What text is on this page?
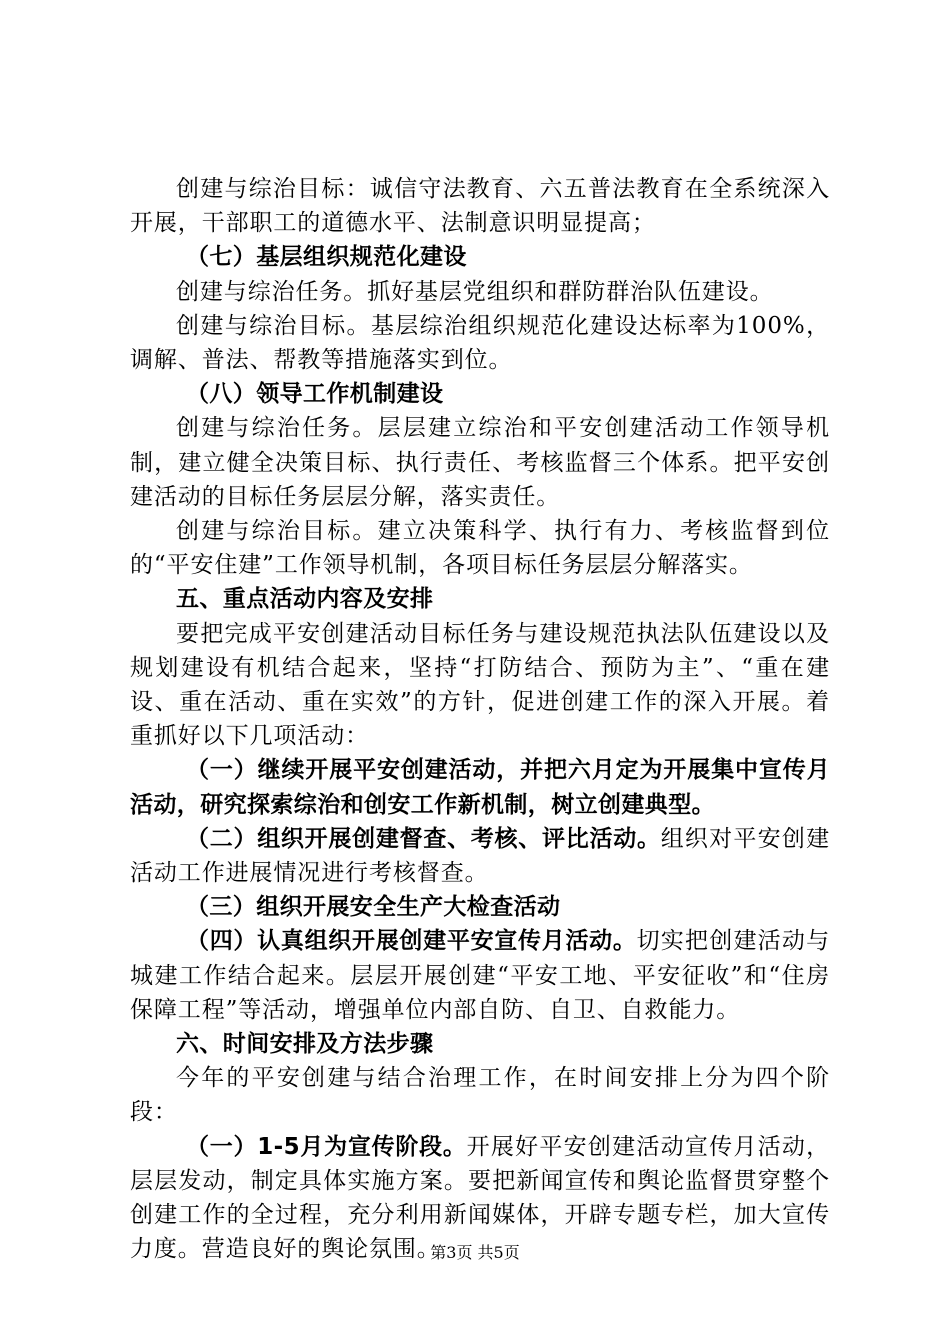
创建与综治目标：诚信守法教育、六五普法教育在全系统深入开展，干部职工的道德水平、法制意识明显提高；

（七）基层组织规范化建设

创建与综治任务。抓好基层党组织和群防群治队伍建设。

创建与综治目标。基层综治组织规范化建设达标率为100%，调解、普法、帮教等措施落实到位。

（八）领导工作机制建设

创建与综治任务。层层建立综治和平安创建活动工作领导机制，建立健全决策目标、执行责任、考核监督三个体系。把平安创建活动的目标任务层层分解，落实责任。

创建与综治目标。建立决策科学、执行有力、考核监督到位的“平安住建”工作领导机制，各项目标任务层层分解落实。

五、重点活动内容及安排

要把完成平安创建活动目标任务与建设规范执法队伍建设以及规划建设有机结合起来，坚持“打防结合、预防为主”、“重在建设、重在活动、重在实效”的方针，促进创建工作的深入开展。着重抓好以下几项活动：

（一）继续开展平安创建活动，并把六月定为开展集中宣传月活动，研究探索综治和创安工作新机制，树立创建典型。

（二）组织开展创建督查、考核、评比活动。组织对平安创建活动工作进展情况进行考核督查。

（三）组织开展安全生产大检查活动

（四）认真组织开展创建平安宣传月活动。切实把创建活动与城建工作结合起来。层层开展创建“平安工地、平安征收”和“住房保障工程”等活动，增强单位内部自防、自卫、自救能力。

六、时间安排及方法步骤

今年的平安创建与结合治理工作，在时间安排上分为四个阶段：

（一）1-5月为宣传阶段。开展好平安创建活动宣传月活动，层层发动，制定具体实施方案。要把新闻宣传和舆论监督贯穿整个创建工作的全过程，充分利用新闻媒体，开辟专题专栏，加大宣传力度。营造良好的舆论氛围。

第3页 共5页
